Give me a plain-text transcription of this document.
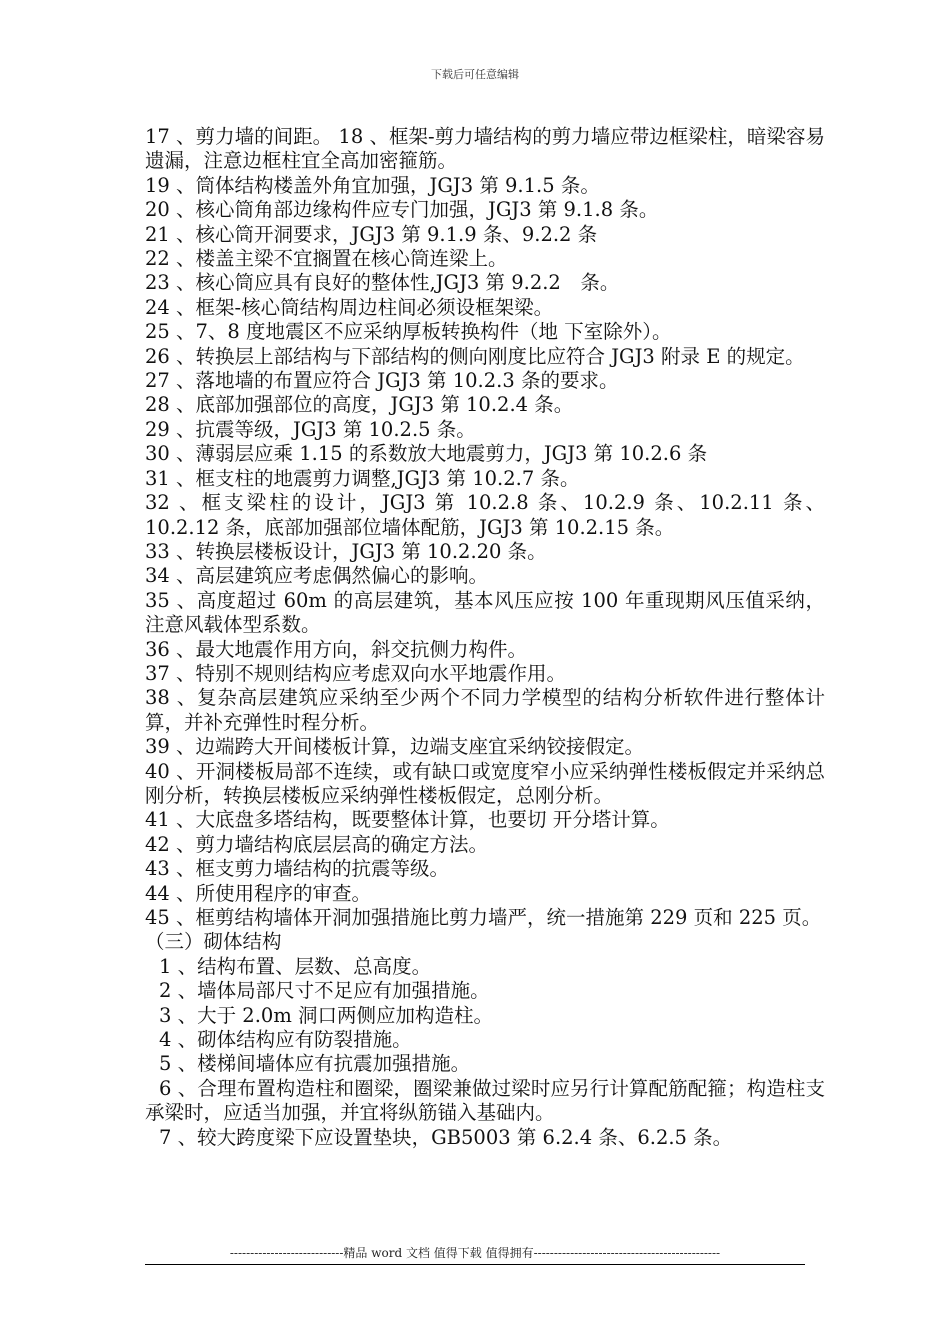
下载后可任意编辑

17 、剪力墙的间距。 18 、框架-剪力墙结构的剪力墙应带边框梁柱，暗梁容易遗漏，注意边框柱宜全高加密箍筋。

19 、筒体结构楼盖外角宜加强，JGJ3 第 9.1.5 条。

20 、核心筒角部边缘构件应专门加强，JGJ3 第 9.1.8 条。

21 、核心筒开洞要求，JGJ3 第 9.1.9 条、9.2.2 条

22 、楼盖主梁不宜搁置在核心筒连梁上。

23 、核心筒应具有良好的整体性,JGJ3 第 9.2.2　条。

24 、框架-核心筒结构周边柱间必须设框架梁。

25 、7、8 度地震区不应采纳厚板转换构件（地 下室除外）。

26 、转换层上部结构与下部结构的侧向刚度比应符合 JGJ3 附录 E 的规定。

27 、落地墙的布置应符合 JGJ3 第 10.2.3 条的要求。

28 、底部加强部位的高度，JGJ3 第 10.2.4 条。

29 、抗震等级，JGJ3 第 10.2.5 条。

30 、薄弱层应乘 1.15 的系数放大地震剪力，JGJ3 第 10.2.6 条

31 、框支柱的地震剪力调整,JGJ3 第 10.2.7 条。

32 、框支梁柱的设计，JGJ3 第 10.2.8 条、10.2.9 条、10.2.11 条、10.2.12 条，底部加强部位墙体配筋，JGJ3 第 10.2.15 条。

33 、转换层楼板设计，JGJ3 第 10.2.20 条。

34 、高层建筑应考虑偶然偏心的影响。

35 、高度超过 60m 的高层建筑，基本风压应按 100 年重现期风压值采纳，注意风载体型系数。

36 、最大地震作用方向，斜交抗侧力构件。

37 、特别不规则结构应考虑双向水平地震作用。

38 、复杂高层建筑应采纳至少两个不同力学模型的结构分析软件进行整体计算，并补充弹性时程分析。

39 、边端跨大开间楼板计算，边端支座宜采纳铰接假定。

40 、开洞楼板局部不连续，或有缺口或宽度窄小应采纳弹性楼板假定并采纳总刚分析，转换层楼板应采纳弹性楼板假定，总刚分析。

41 、大底盘多塔结构，既要整体计算，也要切 开分塔计算。

42 、剪力墙结构底层层高的确定方法。

43 、框支剪力墙结构的抗震等级。

44 、所使用程序的审查。

45 、框剪结构墙体开洞加强措施比剪力墙严，统一措施第 229 页和 225 页。

（三）砌体结构

1 、结构布置、层数、总高度。

2 、墙体局部尺寸不足应有加强措施。

3 、大于 2.0m 洞口两侧应加构造柱。

4 、砌体结构应有防裂措施。

5 、楼梯间墙体应有抗震加强措施。

6 、合理布置构造柱和圈梁，圈梁兼做过梁时应另行计算配筋配箍；构造柱支承梁时，应适当加强，并宜将纵筋锚入基础内。

7 、较大跨度梁下应设置垫块，GB5003 第 6.2.4 条、6.2.5 条。

----------------------------精品 word 文档 值得下载 值得拥有----------------------------------------------
